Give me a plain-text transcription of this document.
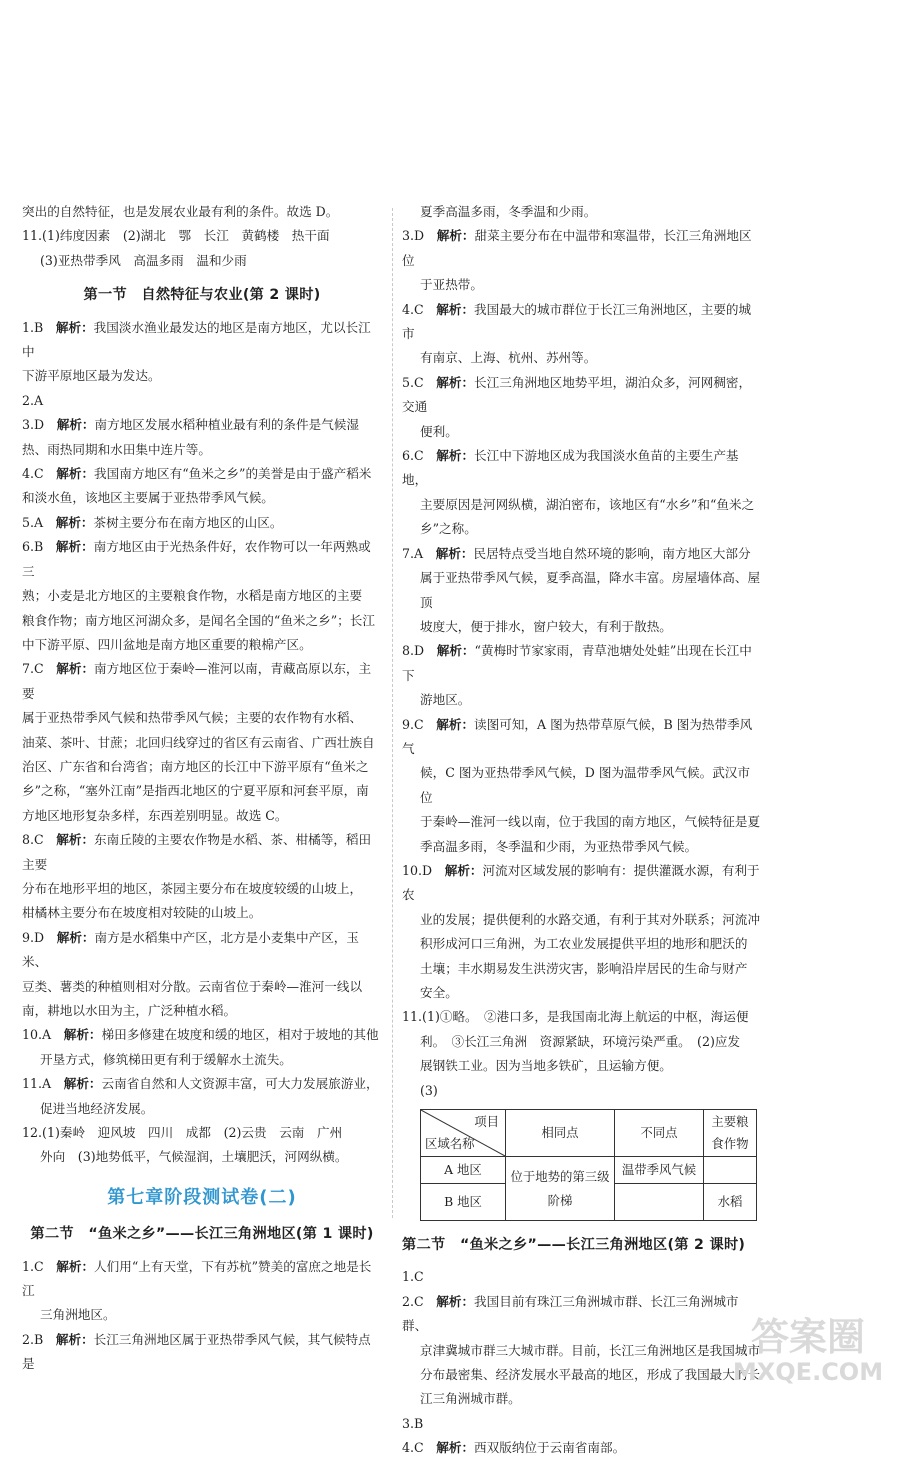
突出的自然特征，也是发展农业最有利的条件。故选 D。

11.(1)纬度因素　(2)湖北　鄂　长江　黄鹤楼　热干面

(3)亚热带季风　高温多雨　温和少雨

第一节　自然特征与农业(第 2 课时)

1.B　 解析：我国淡水渔业最发达的地区是南方地区，尤以长江中

下游平原地区最为发达。

2.A

3.D　 解析：南方地区发展水稻种植业最有利的条件是气候湿

热、雨热同期和水田集中连片等。

4.C　 解析：我国南方地区有“鱼米之乡”的美誉是由于盛产稻米

和淡水鱼，该地区主要属于亚热带季风气候。

5.A　 解析：茶树主要分布在南方地区的山区。

6.B　 解析：南方地区由于光热条件好，农作物可以一年两熟或三

熟；小麦是北方地区的主要粮食作物，水稻是南方地区的主要

粮食作物；南方地区河湖众多，是闻名全国的“鱼米之乡”；长江

中下游平原、四川盆地是南方地区重要的粮棉产区。

7.C　 解析：南方地区位于秦岭—淮河以南，青藏高原以东，主要

属于亚热带季风气候和热带季风气候；主要的农作物有水稻、

油菜、茶叶、甘蔗；北回归线穿过的省区有云南省、广西壮族自

治区、广东省和台湾省；南方地区的长江中下游平原有“鱼米之

乡”之称，“塞外江南”是指西北地区的宁夏平原和河套平原，南

方地区地形复杂多样，东西差别明显。故选 C。

8.C　 解析：东南丘陵的主要农作物是水稻、茶、柑橘等，稻田主要

分布在地形平坦的地区，茶园主要分布在坡度较缓的山坡上，

柑橘林主要分布在坡度相对较陡的山坡上。

9.D　 解析：南方是水稻集中产区，北方是小麦集中产区，玉米、

豆类、薯类的种植则相对分散。云南省位于秦岭—淮河一线以

南，耕地以水田为主，广泛种植水稻。

10.A　 解析：梯田多修建在坡度和缓的地区，相对于坡地的其他

开垦方式，修筑梯田更有利于缓解水土流失。

11.A　 解析：云南省自然和人文资源丰富，可大力发展旅游业，

促进当地经济发展。

12.(1)秦岭　迎风坡　四川　成都　(2)云贵　云南　广州

外向　(3)地势低平，气候湿润，土壤肥沃，河网纵横。

第七章阶段测试卷(二)
第二节　“鱼米之乡”——长江三角洲地区(第 1 课时)

1.C　 解析：人们用“上有天堂，下有苏杭”赞美的富庶之地是长江

三角洲地区。

2.B　 解析：长江三角洲地区属于亚热带季风气候，其气候特点是

夏季高温多雨，冬季温和少雨。

3.D　 解析：甜菜主要分布在中温带和寒温带，长江三角洲地区位

于亚热带。

4.C　 解析：我国最大的城市群位于长江三角洲地区，主要的城市

有南京、上海、杭州、苏州等。

5.C　 解析：长江三角洲地区地势平坦，湖泊众多，河网稠密，交通

便利。

6.C　 解析：长江中下游地区成为我国淡水鱼苗的主要生产基地，

主要原因是河网纵横，湖泊密布，该地区有“水乡”和“鱼米之

乡”之称。

7.A　 解析：民居特点受当地自然环境的影响，南方地区大部分

属于亚热带季风气候，夏季高温，降水丰富。房屋墙体高、屋顶

坡度大，便于排水，窗户较大，有利于散热。

8.D　 解析：“黄梅时节家家雨，青草池塘处处蛙”出现在长江中下

游地区。

9.C　 解析：读图可知，A 图为热带草原气候，B 图为热带季风气

候，C 图为亚热带季风气候，D 图为温带季风气候。武汉市位

于秦岭—淮河一线以南，位于我国的南方地区，气候特征是夏

季高温多雨，冬季温和少雨，为亚热带季风气候。

10.D　 解析：河流对区域发展的影响有：提供灌溉水源，有利于农

业的发展；提供便利的水路交通，有利于其对外联系；河流冲

积形成河口三角洲，为工农业发展提供平坦的地形和肥沃的

土壤；丰水期易发生洪涝灾害，影响沿岸居民的生命与财产

安全。

11.(1)①略。　②港口多，是我国南北海上航运的中枢，海运便

利。　③长江三角洲　资源紧缺，环境污染严重。　(2)应发

展钢铁工业。因为当地多铁矿，且运输方便。

(3)

项目
区域名称	相同点	不同点	主要粮食作物
A 地区	位于地势的第三级阶梯	温带季风气候	
B 地区			水稻
第二节　“鱼米之乡”——长江三角洲地区(第 2 课时)

1.C

2.C　 解析：我国目前有珠江三角洲城市群、长江三角洲城市群、

京津冀城市群三大城市群。目前，长江三角洲地区是我国城市

分布最密集、经济发展水平最高的地区，形成了我国最大的长

江三角洲城市群。

3.B

4.C　 解析：西双版纳位于云南省南部。

答案圈
MXQE.COM
